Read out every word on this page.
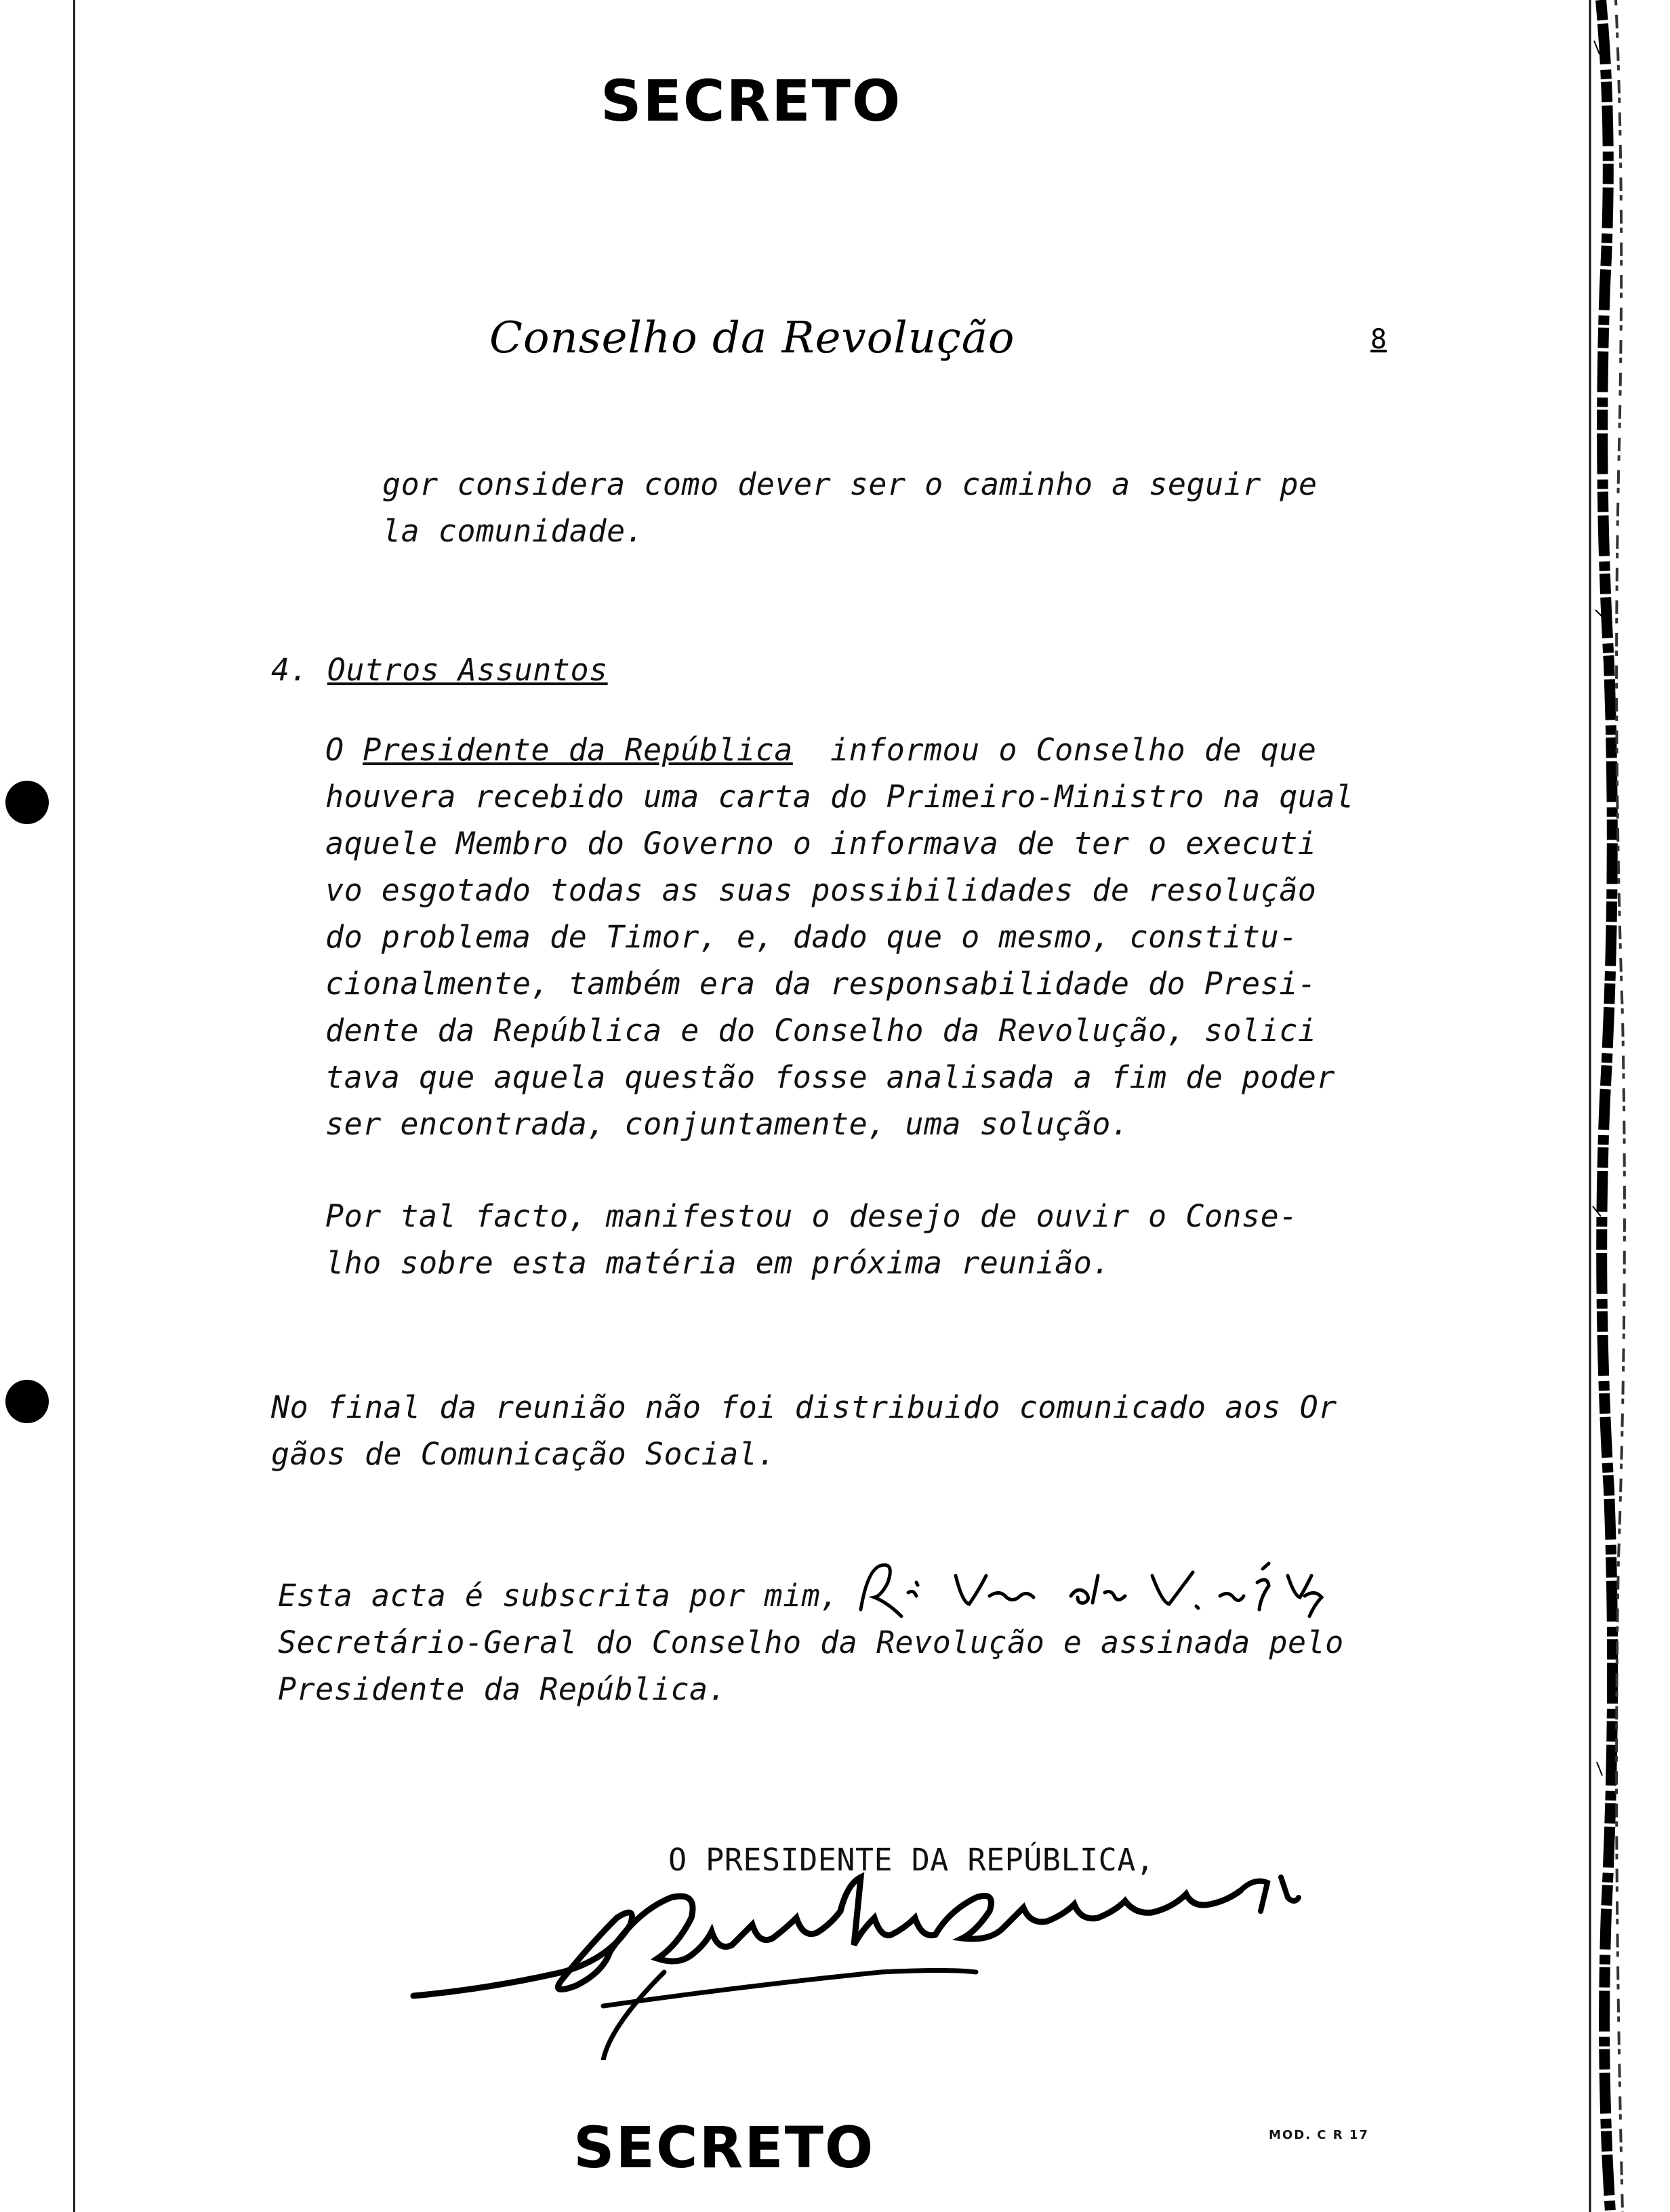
SECRETO
Conselho da Revolução	8
gor considera como dever ser o caminho a seguir pe
la comunidade.
4. Outros Assuntos
O Presidente da República  informou o Conselho de que
houvera recebido uma carta do Primeiro-Ministro na qual
aquele Membro do Governo o informava de ter o executi
vo esgotado todas as suas possibilidades de resolução
do problema de Timor, e, dado que o mesmo, constitu-
cionalmente, também era da responsabilidade do Presi-
dente da República e do Conselho da Revolução, solici
tava que aquela questão fosse analisada a fim de poder
ser encontrada, conjuntamente, uma solução.
Por tal facto, manifestou o desejo de ouvir o Conse-
lho sobre esta matéria em próxima reunião.
No final da reunião não foi distribuido comunicado aos Or
gãos de Comunicação Social.
Esta acta é subscrita por mim,
Secretário-Geral do Conselho da Revolução e assinada pelo
Presidente da República.
O PRESIDENTE DA REPÚBLICA,
SECRETO	MOD. C R 17
